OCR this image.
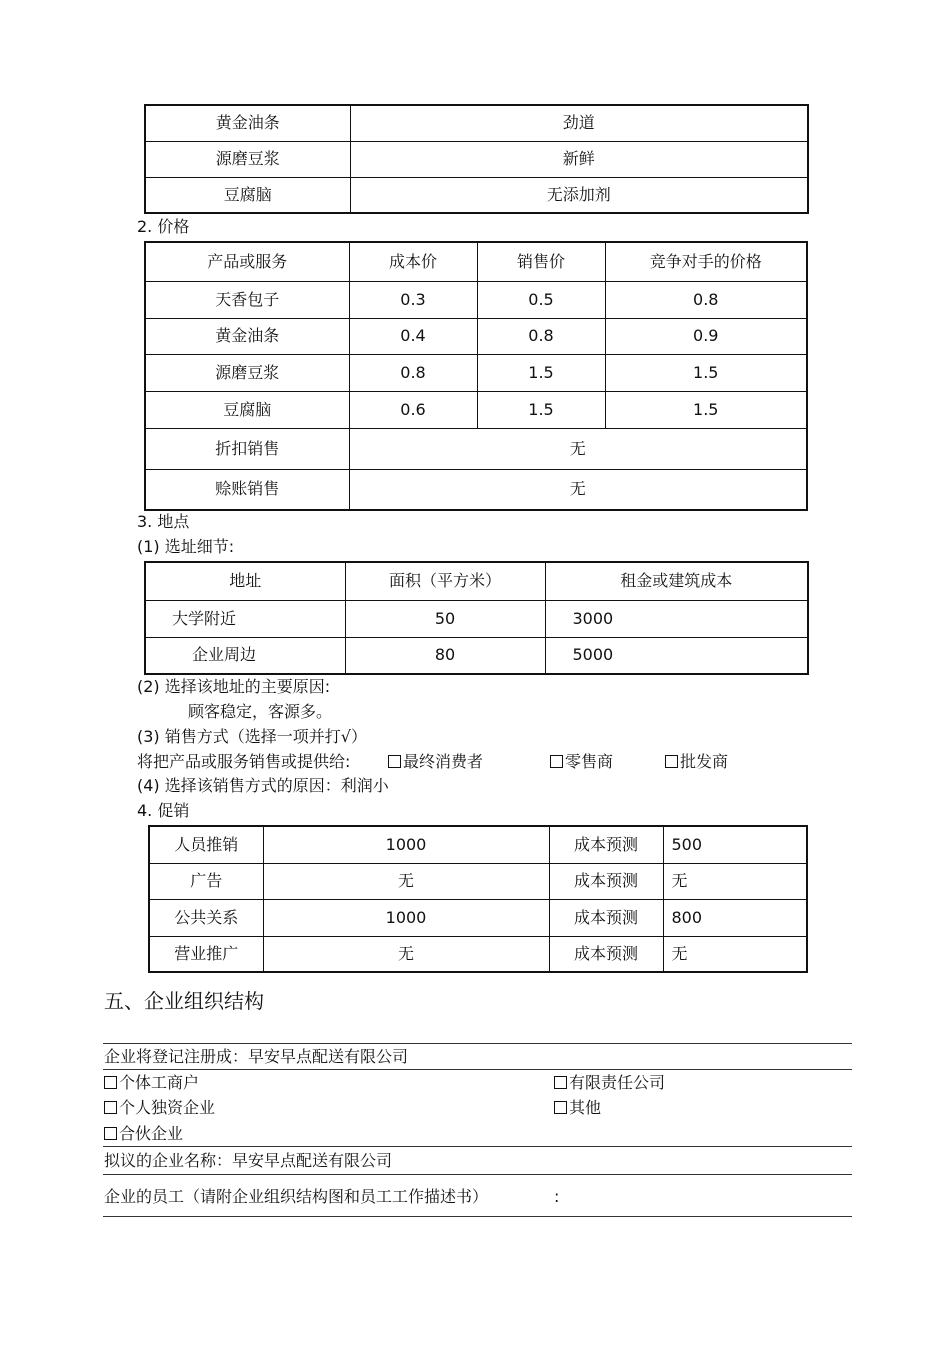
黄金油条	劲道
源磨豆浆	新鲜
豆腐脑	无添加剂
2. 价格
产品或服务	成本价	销售价	竞争对手的价格
天香包子	0.3	0.5	0.8
黄金油条	0.4	0.8	0.9
源磨豆浆	0.8	1.5	1.5
豆腐脑	0.6	1.5	1.5
折扣销售	无		
赊账销售	无		
3. 地点
(1) 选址细节:
地址	面积（平方米）	租金或建筑成本
大学附近	50	3000
企业周边	80	5000
(2) 选择该地址的主要原因:
顾客稳定，客源多。
(3) 销售方式（选择一项并打√）
将把产品或服务销售或提供给:	最终消费者	零售商	批发商
(4) 选择该销售方式的原因：利润小
4. 促销
人员推销	1000	成本预测	500
广告	无	成本预测	无
公共关系	1000	成本预测	800
营业推广	无	成本预测	无
五、企业组织结构
企业将登记注册成：早安早点配送有限公司
个体工商户	有限责任公司
个人独资企业	其他
合伙企业
拟议的企业名称：早安早点配送有限公司
企业的员工（请附企业组织结构图和员工工作描述书）	:
